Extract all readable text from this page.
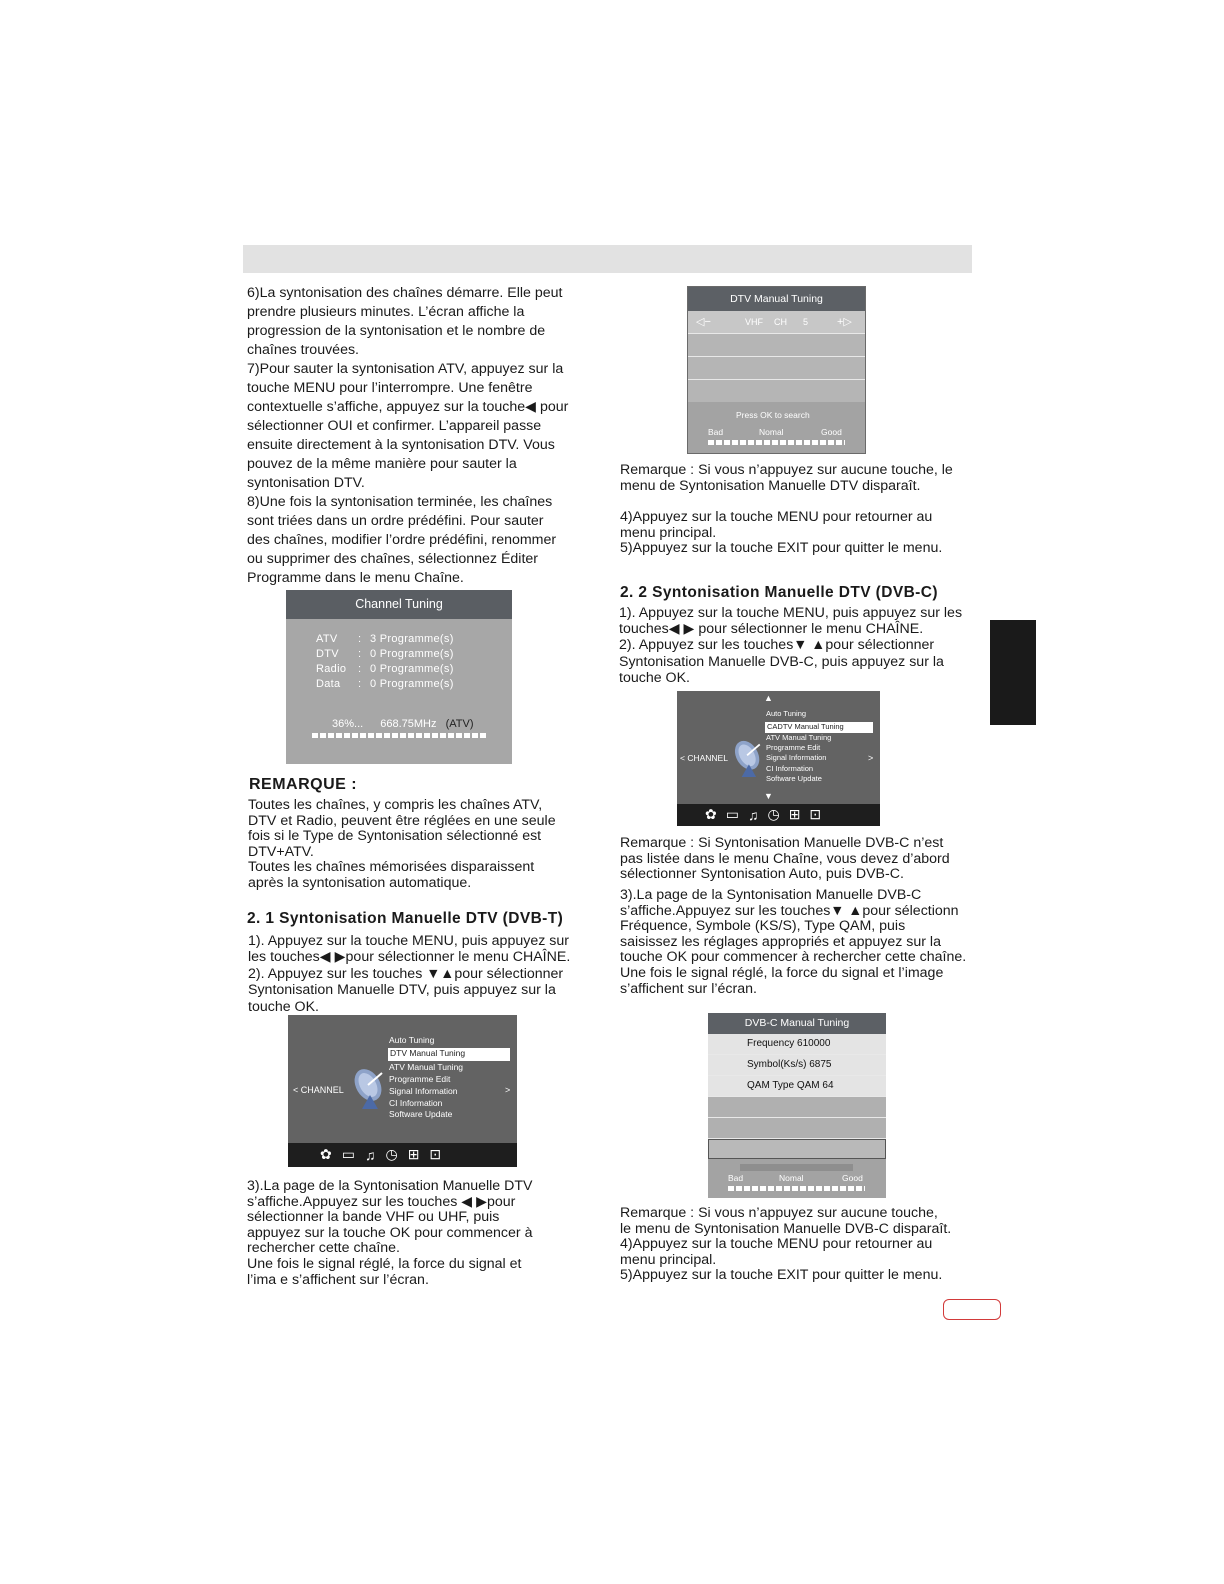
6)La syntonisation des chaînes démarre. Elle peut
prendre plusieurs minutes. L’écran affiche la
progression de la syntonisation et le nombre de
chaînes trouvées.
7)Pour sauter la syntonisation ATV, appuyez sur la
touche MENU pour l’interrompre. Une fenêtre
contextuelle s’affiche, appuyez sur la touche◀ pour
sélectionner OUI et confirmer. L’appareil passe
ensuite directement à la syntonisation DTV. Vous
pouvez de la même manière pour sauter la
syntonisation DTV.
8)Une fois la syntonisation terminée, les chaînes
sont triées dans un ordre prédéfini. Pour sauter
des chaînes, modifier l’ordre prédéfini, renommer
ou supprimer des chaînes, sélectionnez Éditer
Programme dans le menu Chaîne.

Channel Tuning
ATV : 3 Programme(s)
DTV : 0 Programme(s)
Radio : 0 Programme(s)
Data : 0 Programme(s)
36%... 668.75MHz (ATV)
REMARQUE :

Toutes les chaînes, y compris les chaînes ATV,
DTV et Radio, peuvent être réglées en une seule
fois si le Type de Syntonisation sélectionné est
DTV+ATV.
Toutes les chaînes mémorisées disparaissent
après la syntonisation automatique.

2. 1 Syntonisation Manuelle DTV (DVB-T)

1). Appuyez sur la touche MENU, puis appuyez sur
les touches◀ ▶pour sélectionner le menu CHAÎNE.
2). Appuyez sur les touches ▼▲pour sélectionner
Syntonisation Manuelle DTV, puis appuyez sur la
touche OK.

< CHANNEL	>
Auto Tuning
DTV Manual Tuning
ATV Manual Tuning
Programme Edit
Signal Information
CI Information
Software Update
✿ ▭ ♫ ◷ ⊞ ⊡

3).La page de la Syntonisation Manuelle DTV
s’affiche.Appuyez sur les touches ◀ ▶pour
sélectionner la bande VHF ou UHF, puis
appuyez sur la touche OK pour commencer à
rechercher cette chaîne.
Une fois le signal réglé, la force du signal et
l’ima e s’affichent sur l’écran.

DTV Manual Tuning
◁−	VHF CH 5	+▷
Press OK to search
Bad	Nomal	Good

Remarque : Si vous n’appuyez sur aucune touche, le
menu de Syntonisation Manuelle DTV disparaît.

4)Appuyez sur la touche MENU pour retourner au
menu principal.
5)Appuyez sur la touche EXIT pour quitter le menu.

2. 2 Syntonisation Manuelle DTV (DVB-C)

1). Appuyez sur la touche MENU, puis appuyez sur les
touches◀ ▶ pour sélectionner le menu CHAÎNE.
2). Appuyez sur les touches▼ ▲pour sélectionner
Syntonisation Manuelle DVB-C, puis appuyez sur la
touche OK.

▲
▼
< CHANNEL	>
Auto Tuning
CADTV Manual Tuning
ATV Manual Tuning
Programme Edit
Signal Information
CI Information
Software Update
✿ ▭ ♫ ◷ ⊞ ⊡

Remarque : Si Syntonisation Manuelle DVB-C n’est
pas listée dans le menu Chaîne, vous devez d’abord
sélectionner Syntonisation Auto, puis DVB-C.

3).La page de la Syntonisation Manuelle DVB-C
s’affiche.Appuyez sur les touches▼ ▲pour sélectionn
Fréquence, Symbole (KS/S), Type QAM, puis
saisissez les réglages appropriés et appuyez sur la
touche OK pour commencer à rechercher cette chaîne.
Une fois le signal réglé, la force du signal et l’image
s’affichent sur l’écran.

DVB-C Manual Tuning
Frequency 610000
Symbol(Ks/s) 6875
QAM Type QAM 64
Bad	Nomal	Good

Remarque : Si vous n’appuyez sur aucune touche,
le menu de Syntonisation Manuelle DVB-C disparaît.
4)Appuyez sur la touche MENU pour retourner au
menu principal.
5)Appuyez sur la touche EXIT pour quitter le menu.
